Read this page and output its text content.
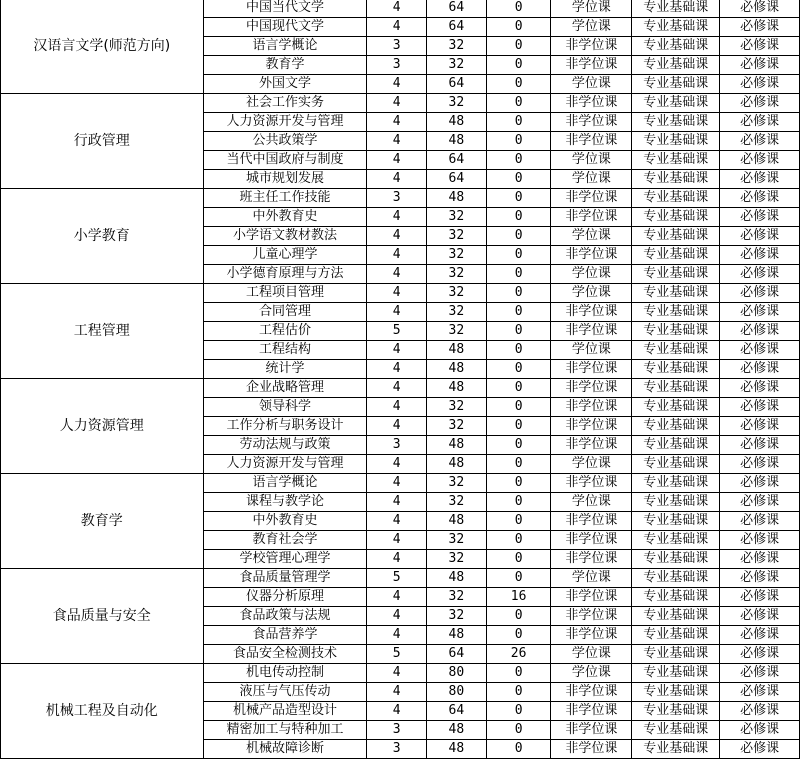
汉语言文学(师范方向)	中国当代文学	4	64	0	学位课	专业基础课	必修课
	中国现代文学	4	64	0	学位课	专业基础课	必修课
	语言学概论	3	32	0	非学位课	专业基础课	必修课
	教育学	3	32	0	非学位课	专业基础课	必修课
	外国文学	4	64	0	学位课	专业基础课	必修课
行政管理	社会工作实务	4	32	0	非学位课	专业基础课	必修课
	人力资源开发与管理	4	48	0	非学位课	专业基础课	必修课
	公共政策学	4	48	0	非学位课	专业基础课	必修课
	当代中国政府与制度	4	64	0	学位课	专业基础课	必修课
	城市规划发展	4	64	0	学位课	专业基础课	必修课
小学教育	班主任工作技能	3	48	0	非学位课	专业基础课	必修课
	中外教育史	4	32	0	非学位课	专业基础课	必修课
	小学语文教材教法	4	32	0	学位课	专业基础课	必修课
	儿童心理学	4	32	0	非学位课	专业基础课	必修课
	小学德育原理与方法	4	32	0	学位课	专业基础课	必修课
工程管理	工程项目管理	4	32	0	学位课	专业基础课	必修课
	合同管理	4	32	0	非学位课	专业基础课	必修课
	工程估价	5	32	0	非学位课	专业基础课	必修课
	工程结构	4	48	0	学位课	专业基础课	必修课
	统计学	4	48	0	非学位课	专业基础课	必修课
人力资源管理	企业战略管理	4	48	0	非学位课	专业基础课	必修课
	领导科学	4	32	0	非学位课	专业基础课	必修课
	工作分析与职务设计	4	32	0	非学位课	专业基础课	必修课
	劳动法规与政策	3	48	0	非学位课	专业基础课	必修课
	人力资源开发与管理	4	48	0	学位课	专业基础课	必修课
教育学	语言学概论	4	32	0	非学位课	专业基础课	必修课
	课程与教学论	4	32	0	学位课	专业基础课	必修课
	中外教育史	4	48	0	非学位课	专业基础课	必修课
	教育社会学	4	32	0	非学位课	专业基础课	必修课
	学校管理心理学	4	32	0	非学位课	专业基础课	必修课
食品质量与安全	食品质量管理学	5	48	0	学位课	专业基础课	必修课
	仪器分析原理	4	32	16	非学位课	专业基础课	必修课
	食品政策与法规	4	32	0	非学位课	专业基础课	必修课
	食品营养学	4	48	0	非学位课	专业基础课	必修课
	食品安全检测技术	5	64	26	学位课	专业基础课	必修课
机械工程及自动化	机电传动控制	4	80	0	学位课	专业基础课	必修课
	液压与气压传动	4	80	0	非学位课	专业基础课	必修课
	机械产品造型设计	4	64	0	非学位课	专业基础课	必修课
	精密加工与特种加工	3	48	0	非学位课	专业基础课	必修课
	机械故障诊断	3	48	0	非学位课	专业基础课	必修课
